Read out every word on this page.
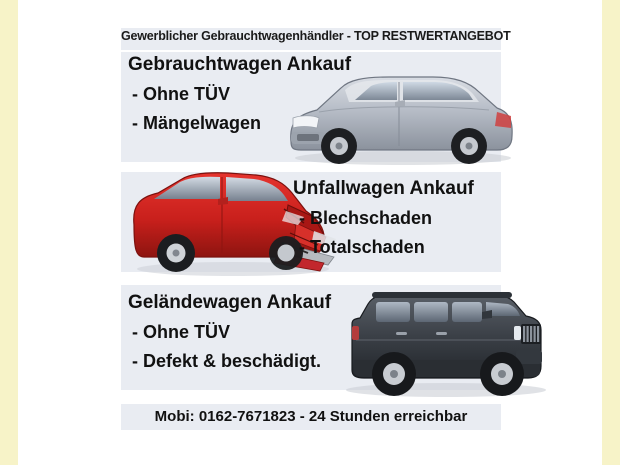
Gewerblicher Gebrauchtwagenhändler - TOP RESTWERTANGEBOT
Gebrauchtwagen Ankauf
- Ohne TÜV
- Mängelwagen
Unfallwagen Ankauf
- Blechschaden
- Totalschaden
Geländewagen Ankauf
- Ohne TÜV
- Defekt & beschädigt.
Mobi: 0162-7671823 - 24 Stunden erreichbar
